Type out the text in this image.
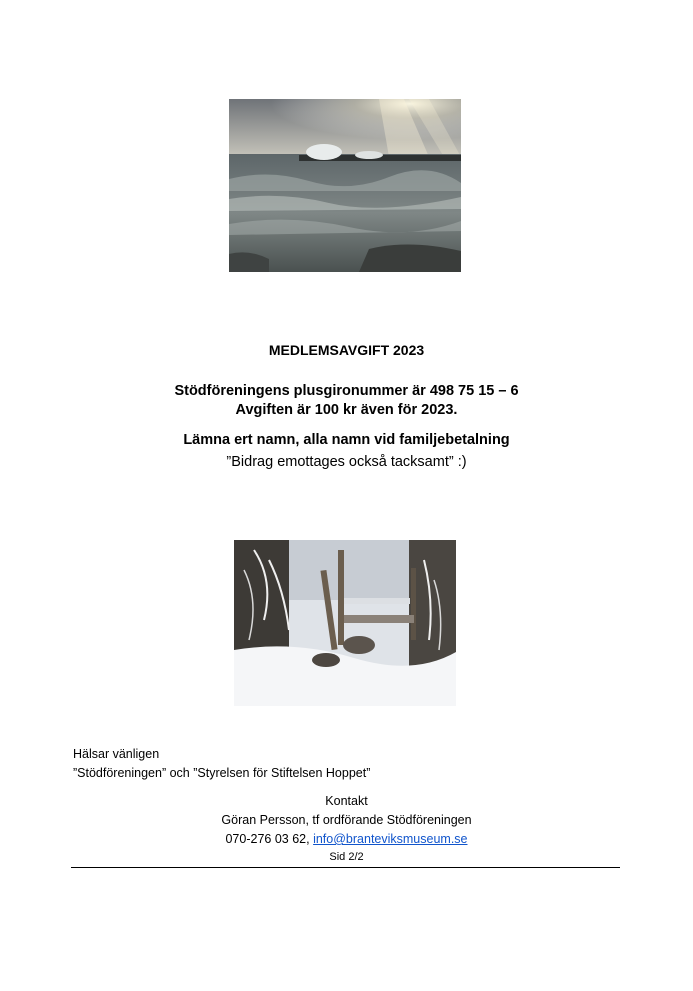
MEDLEMSAVGIFT 2023
Stödföreningens plusgironummer är 498 75 15 – 6
Avgiften är 100 kr även för 2023.
Lämna ert namn, alla namn vid familjebetalning
”Bidrag emottages också tacksamt” :)
Hälsar vänligen
”Stödföreningen” och ”Styrelsen för Stiftelsen Hoppet”
Kontakt
Göran Persson, tf ordförande Stödföreningen
070-276 03 62, info@branteviksmuseum.se
Sid 2/2
